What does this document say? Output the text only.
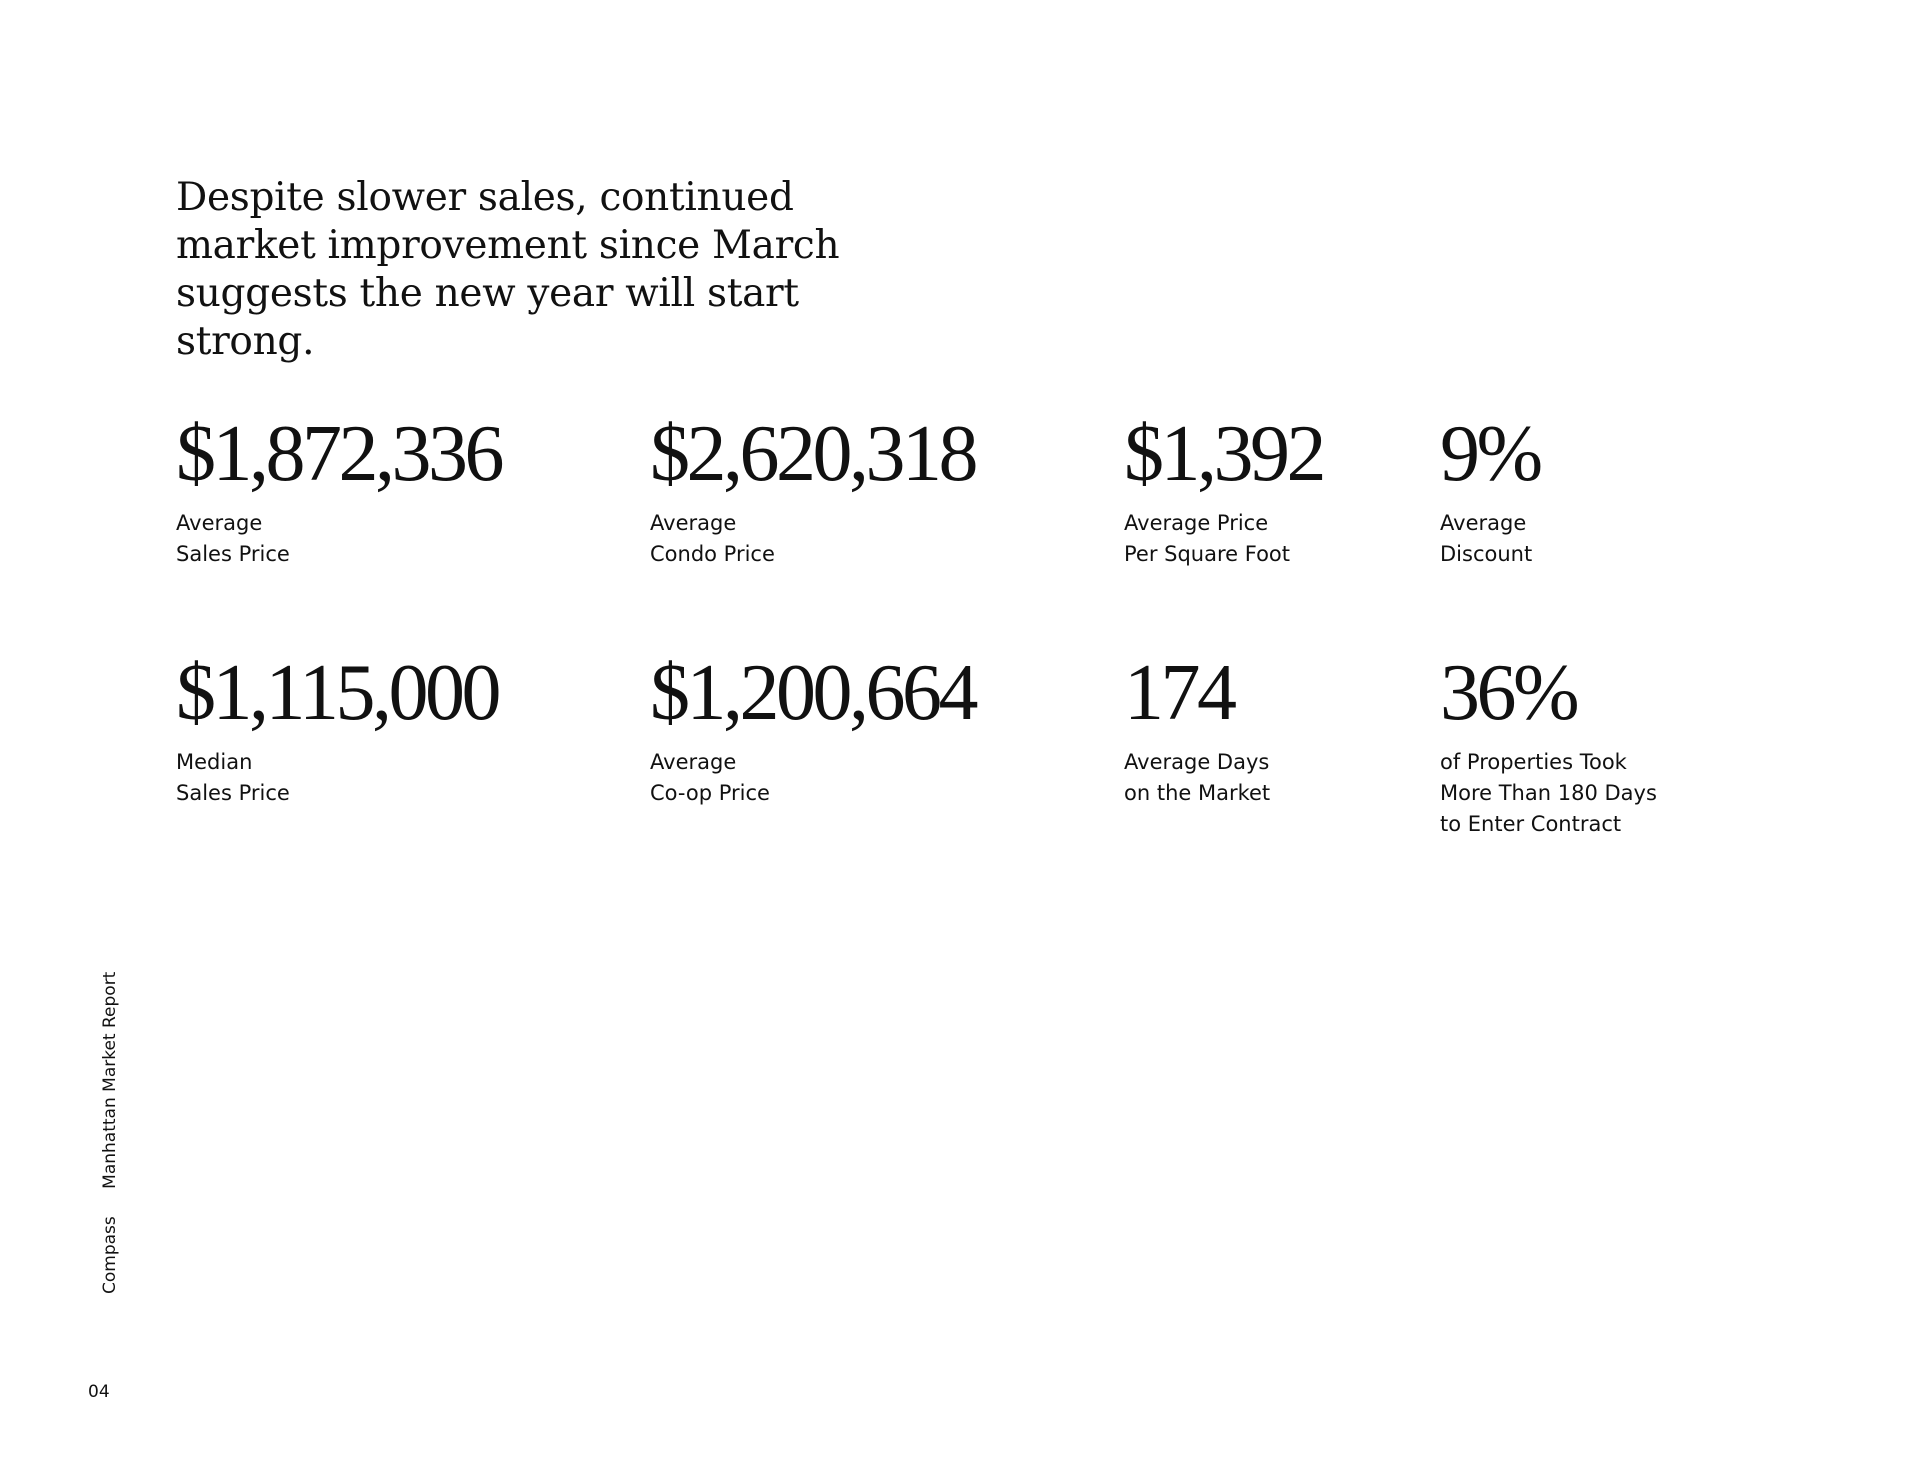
Despite slower sales, continued
market improvement since March
suggests the new year will start strong.
$1,872,336
Average
Sales Price
$2,620,318
Average
Condo Price
$1,392
Average Price
Per Square Foot
9%
Average
Discount
$1,115,000
Median
Sales Price
$1,200,664
Average
Co-op Price
174
Average Days
on the Market
36%
of Properties Took
More Than 180 Days
to Enter Contract
Compass Manhattan Market Report
04
